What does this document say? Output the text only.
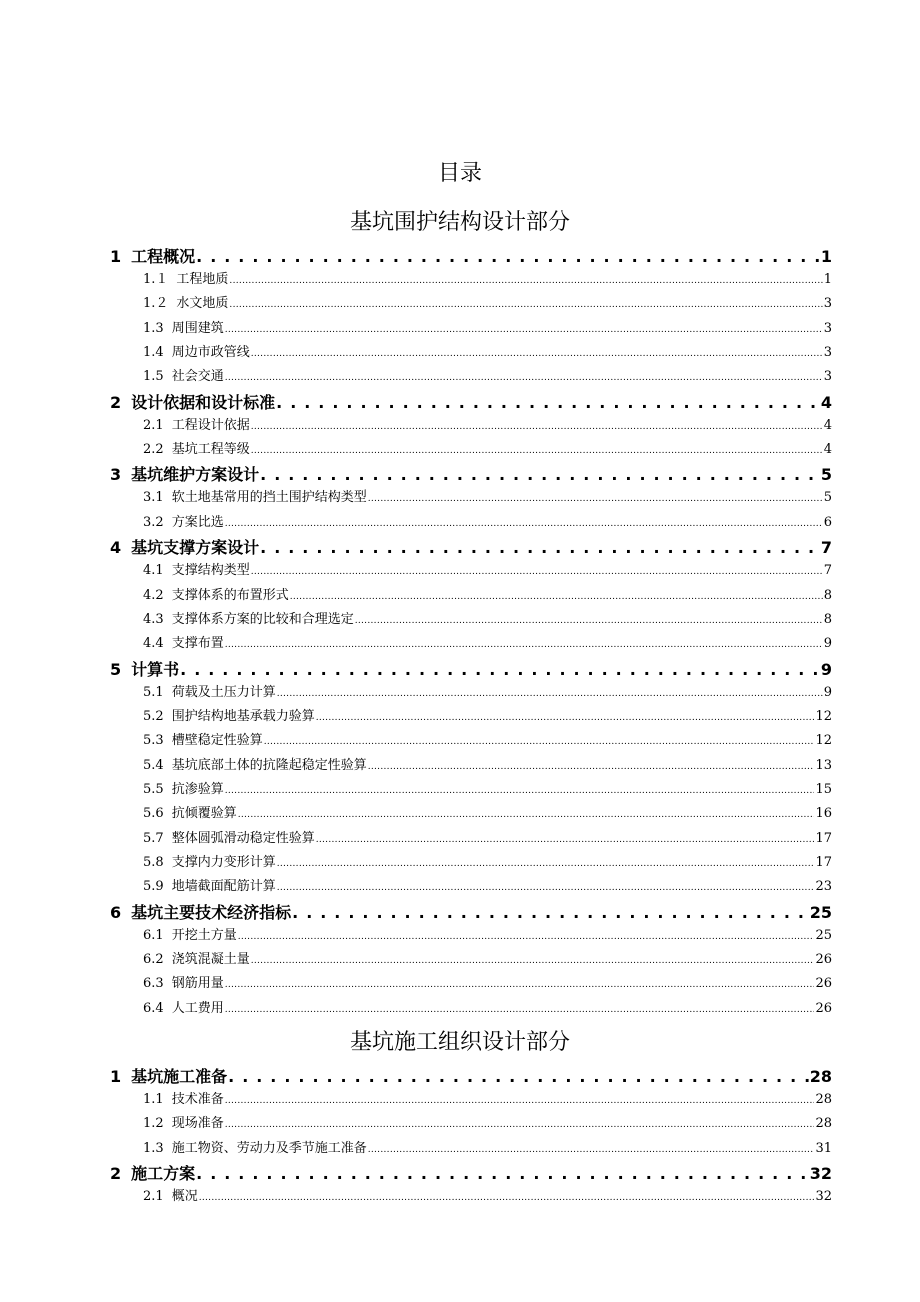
目录
基坑围护结构设计部分
1 工程概况 . . .	1
1.１ 工程地质 .....	1
1.２ 水文地质 .....	3
1.3 周围建筑 .....	3
1.4 周边市政管线 .....	3
1.5 社会交通 .....	3
2 设计依据和设计标准 . . .	4
2.1 工程设计依据 .....	4
2.2 基坑工程等级 .....	4
3 基坑维护方案设计 . . .	5
3.1 软土地基常用的挡土围护结构类型 .....	5
3.2 方案比选 .....	6
4 基坑支撑方案设计 . . .	7
4.1 支撑结构类型 .....	7
4.2 支撑体系的布置形式 .....	8
4.3 支撑体系方案的比较和合理选定 .....	8
4.4 支撑布置 .....	9
5 计算书 . . .	9
5.1 荷载及土压力计算 .....	9
5.2 围护结构地基承载力验算 .....	12
5.3 槽壁稳定性验算 .....	12
5.4 基坑底部土体的抗隆起稳定性验算 .....	13
5.5 抗渗验算 .....	15
5.6 抗倾覆验算 .....	16
5.7 整体圆弧滑动稳定性验算 .....	17
5.8 支撑内力变形计算 .....	17
5.9 地墙截面配筋计算 .....	23
6 基坑主要技术经济指标 . . .	25
6.1 开挖土方量 .....	25
6.2 浇筑混凝土量 .....	26
6.3 钢筋用量 .....	26
6.4 人工费用 .....	26
基坑施工组织设计部分
1 基坑施工准备 . . .	28
1.1 技术准备 .....	28
1.2 现场准备 .....	28
1.3 施工物资、劳动力及季节施工准备 .....	31
2 施工方案 . . .	32
2.1 概况 .....	32
